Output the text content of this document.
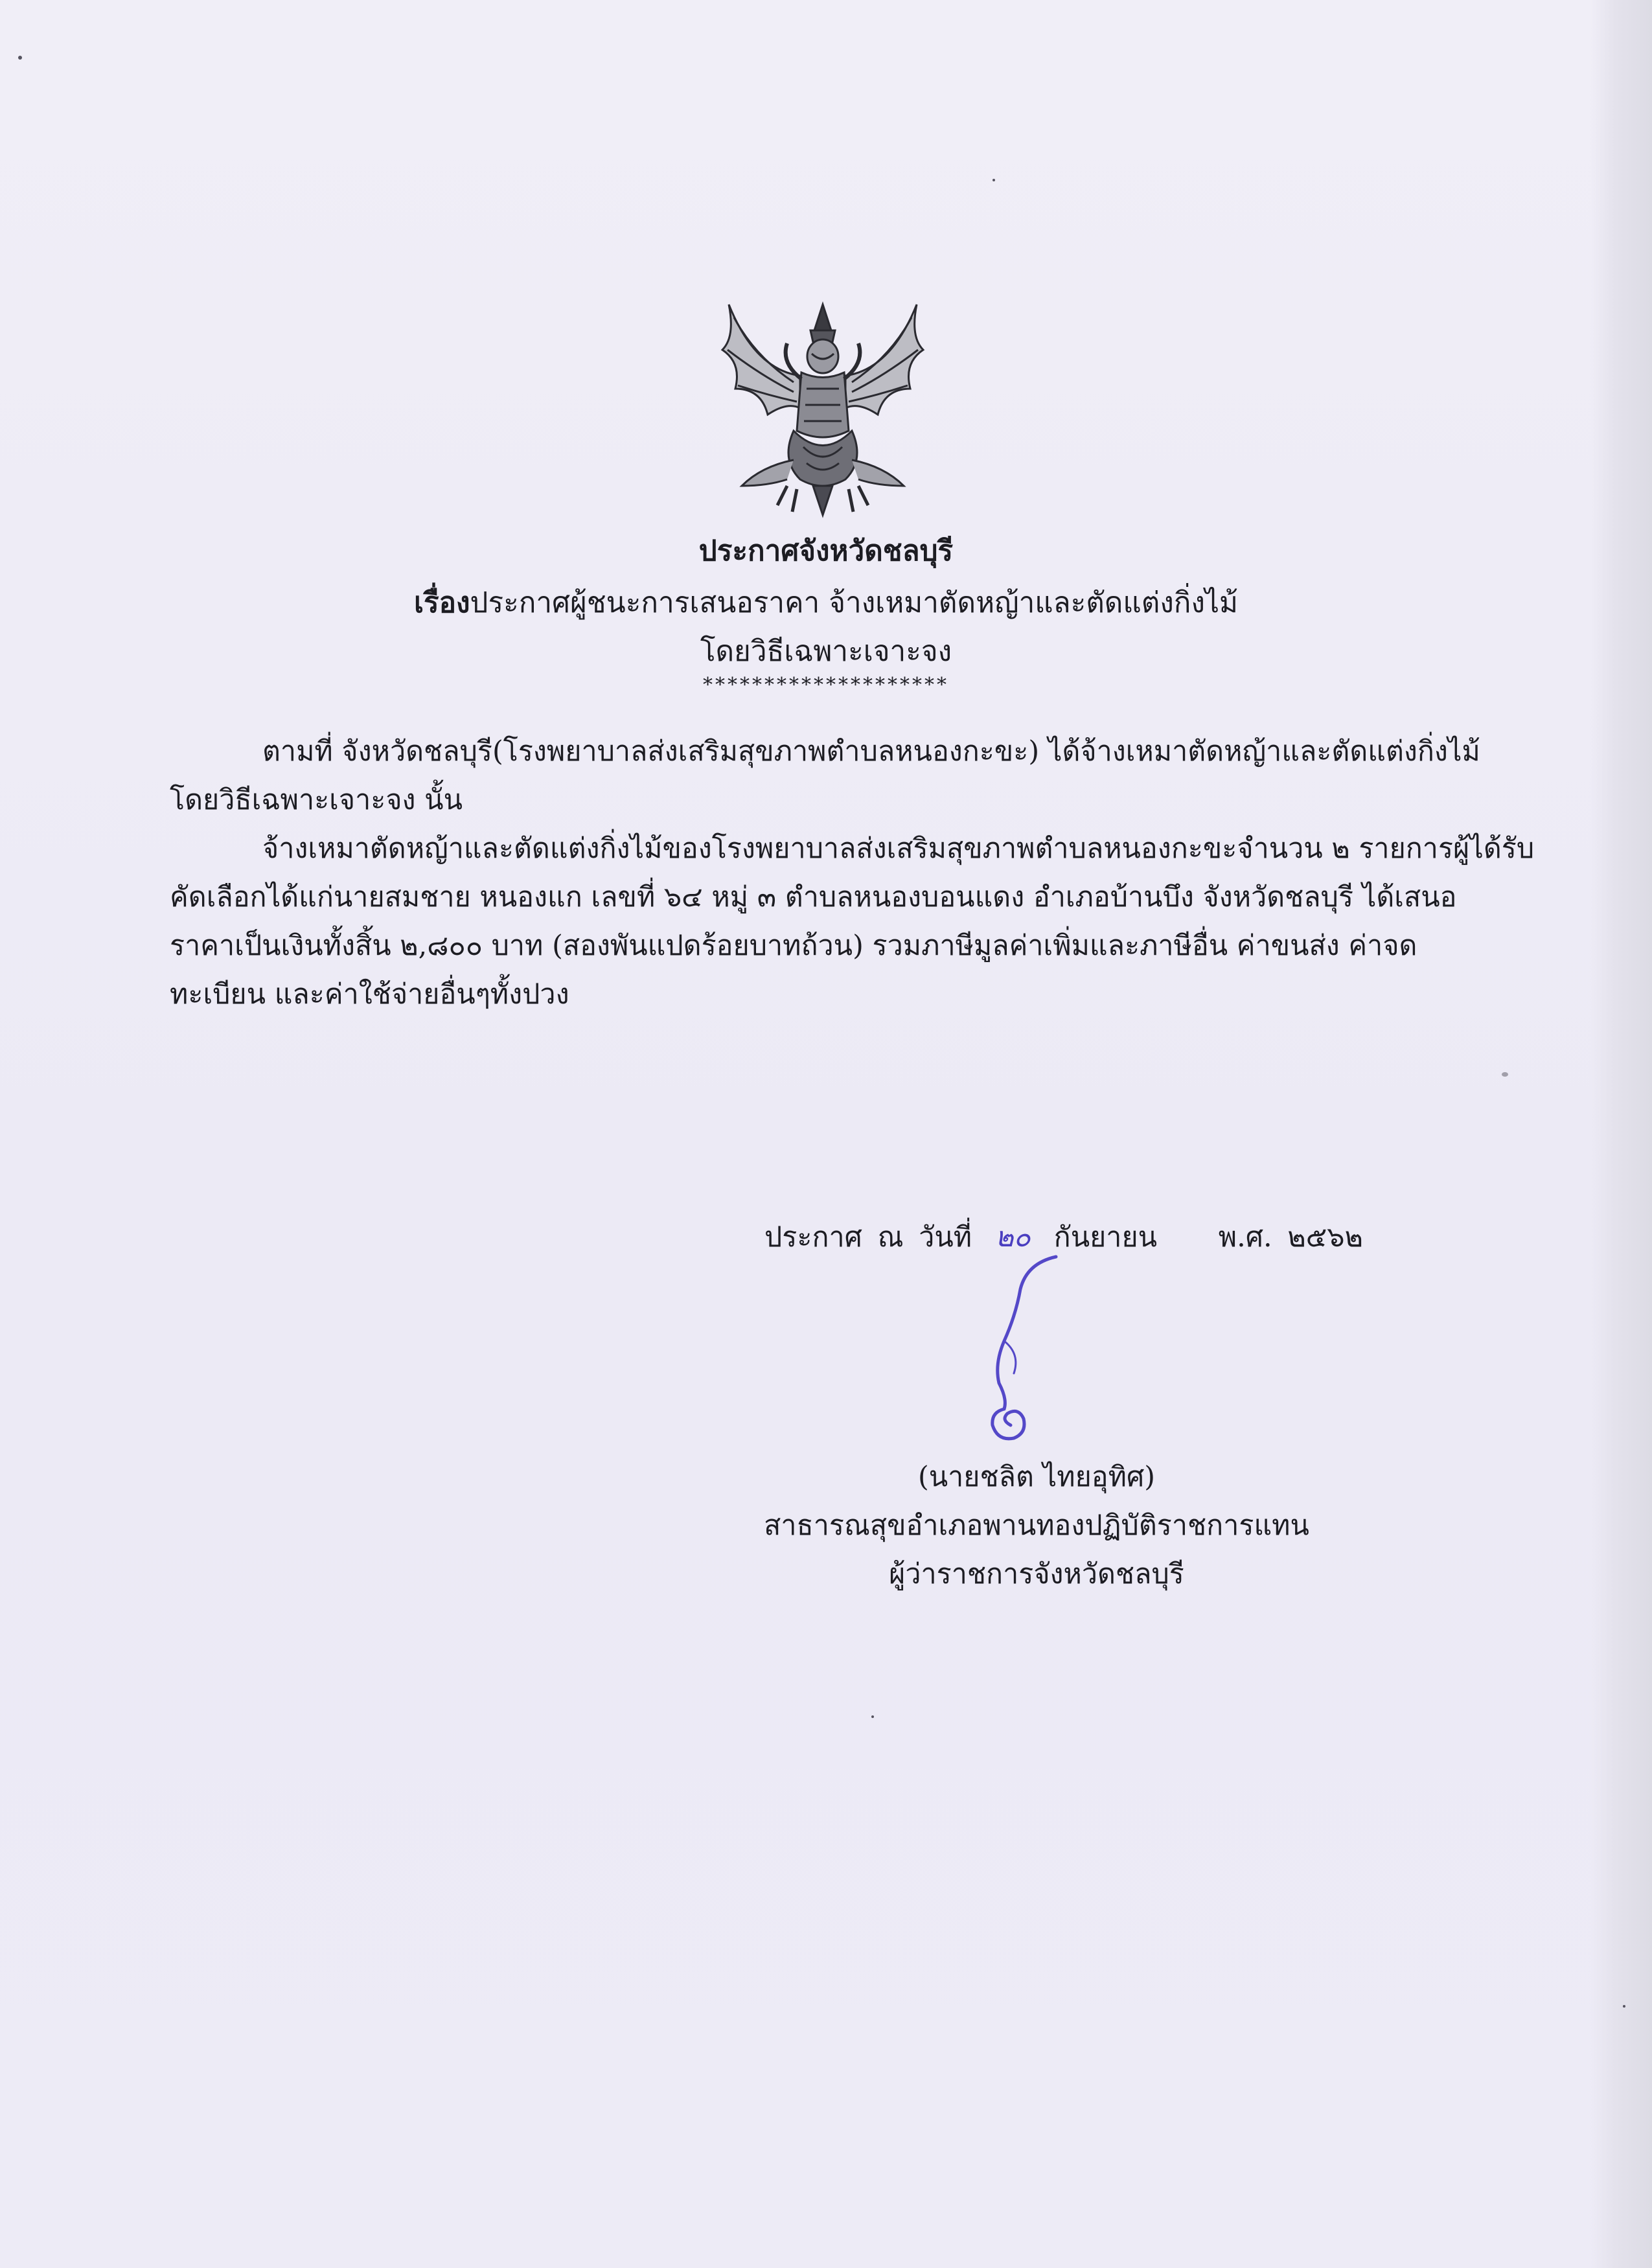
ประกาศจังหวัดชลบุรี
เรื่องประกาศผู้ชนะการเสนอราคา จ้างเหมาตัดหญ้าและตัดแต่งกิ่งไม้
โดยวิธีเฉพาะเจาะจง
********************
ตามที่ จังหวัดชลบุรี(โรงพยาบาลส่งเสริมสุขภาพตำบลหนองกะขะ) ได้จ้างเหมาตัดหญ้าและตัดแต่งกิ่งไม้
โดยวิธีเฉพาะเจาะจง นั้น
จ้างเหมาตัดหญ้าและตัดแต่งกิ่งไม้ของโรงพยาบาลส่งเสริมสุขภาพตำบลหนองกะขะจำนวน ๒ รายการผู้ได้รับ
คัดเลือกได้แก่นายสมชาย หนองแก เลขที่ ๖๔ หมู่ ๓ ตำบลหนองบอนแดง อำเภอบ้านบึง จังหวัดชลบุรี ได้เสนอ
ราคาเป็นเงินทั้งสิ้น ๒,๘๐๐ บาท (สองพันแปดร้อยบาทถ้วน) รวมภาษีมูลค่าเพิ่มและภาษีอื่น ค่าขนส่ง ค่าจด
ทะเบียน และค่าใช้จ่ายอื่นๆทั้งปวง
ประกาศ ณ วันที่ ๒๐ กันยายน พ.ศ. ๒๕๖๒
(นายชลิต ไทยอุทิศ)
สาธารณสุขอำเภอพานทองปฏิบัติราชการแทน
ผู้ว่าราชการจังหวัดชลบุรี
